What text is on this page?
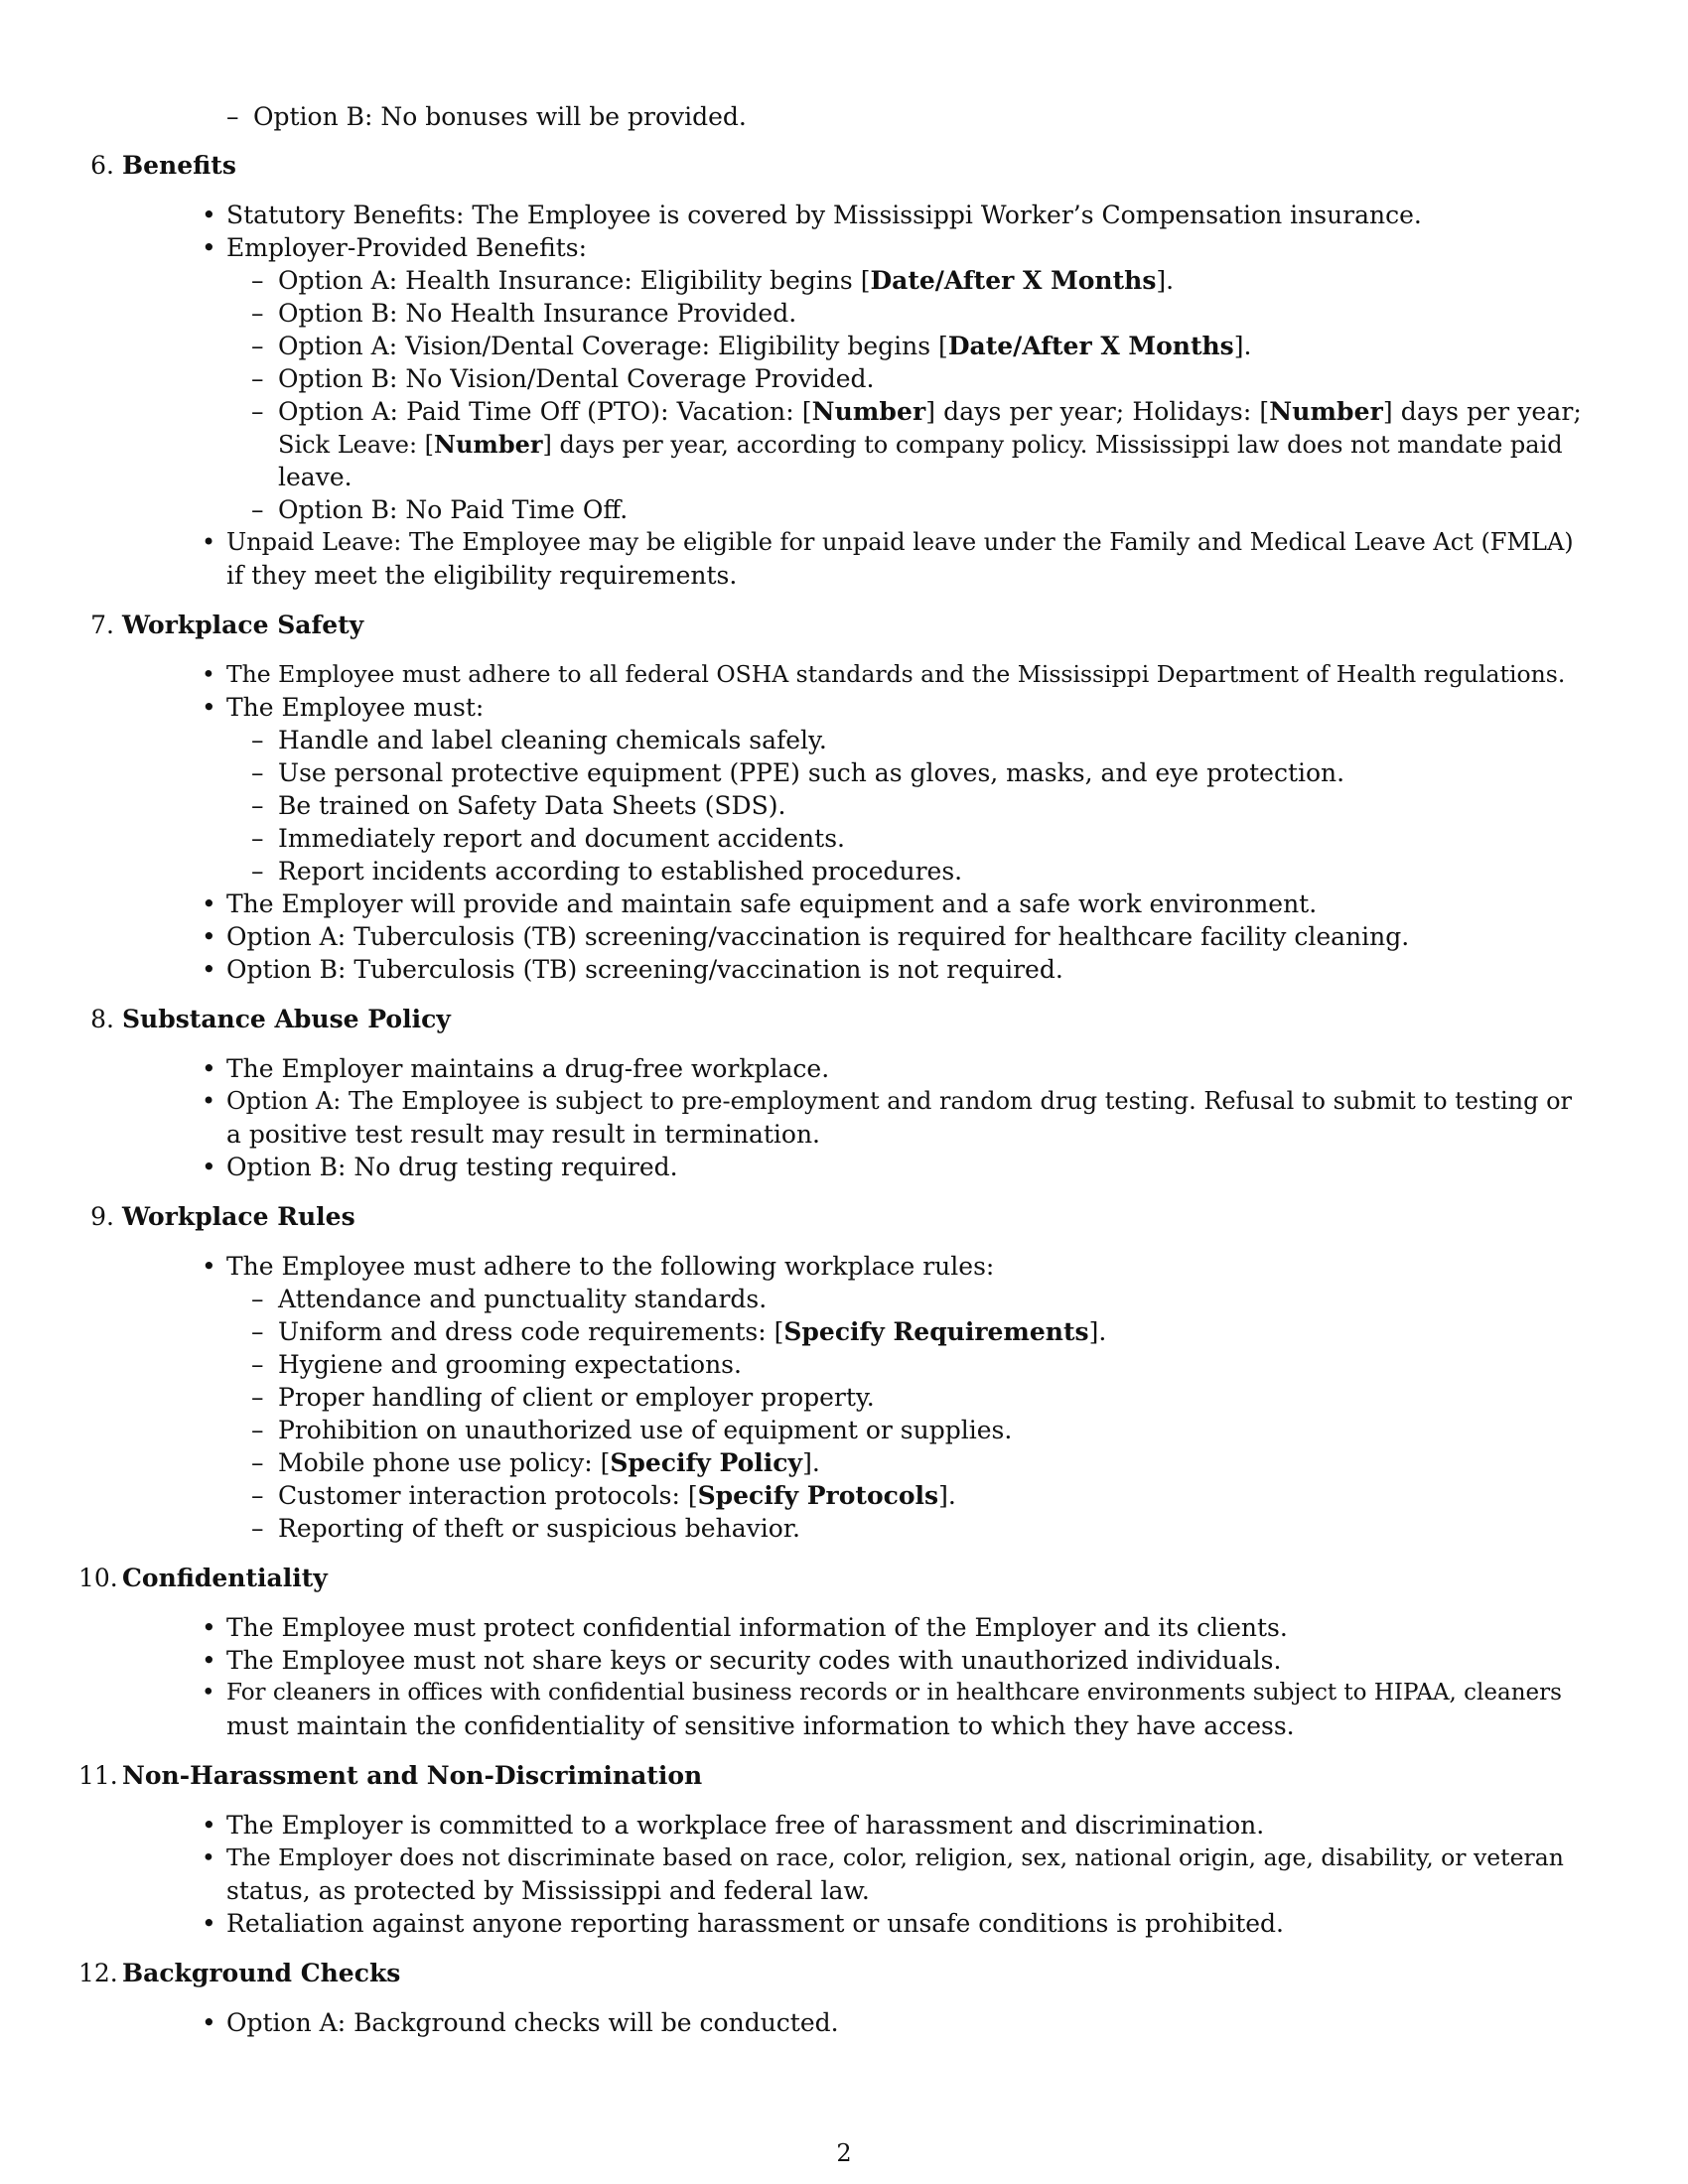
– Option B: No bonuses will be provided.
6. Benefits
• Statutory Benefits: The Employee is covered by Mississippi Worker’s Compensation insurance.
• Employer-Provided Benefits:
– Option A: Health Insurance: Eligibility begins [Date/After X Months].
– Option B: No Health Insurance Provided.
– Option A: Vision/Dental Coverage: Eligibility begins [Date/After X Months].
– Option B: No Vision/Dental Coverage Provided.
– Option A: Paid Time Off (PTO): Vacation: [Number] days per year; Holidays: [Number] days per year;
Sick Leave: [Number] days per year, according to company policy. Mississippi law does not mandate paid
leave.
– Option B: No Paid Time Off.
• Unpaid Leave: The Employee may be eligible for unpaid leave under the Family and Medical Leave Act (FMLA)
if they meet the eligibility requirements.
7. Workplace Safety
• The Employee must adhere to all federal OSHA standards and the Mississippi Department of Health regulations.
• The Employee must:
– Handle and label cleaning chemicals safely.
– Use personal protective equipment (PPE) such as gloves, masks, and eye protection.
– Be trained on Safety Data Sheets (SDS).
– Immediately report and document accidents.
– Report incidents according to established procedures.
• The Employer will provide and maintain safe equipment and a safe work environment.
• Option A: Tuberculosis (TB) screening/vaccination is required for healthcare facility cleaning.
• Option B: Tuberculosis (TB) screening/vaccination is not required.
8. Substance Abuse Policy
• The Employer maintains a drug-free workplace.
• Option A: The Employee is subject to pre-employment and random drug testing. Refusal to submit to testing or
a positive test result may result in termination.
• Option B: No drug testing required.
9. Workplace Rules
• The Employee must adhere to the following workplace rules:
– Attendance and punctuality standards.
– Uniform and dress code requirements: [Specify Requirements].
– Hygiene and grooming expectations.
– Proper handling of client or employer property.
– Prohibition on unauthorized use of equipment or supplies.
– Mobile phone use policy: [Specify Policy].
– Customer interaction protocols: [Specify Protocols].
– Reporting of theft or suspicious behavior.
10. Confidentiality
• The Employee must protect confidential information of the Employer and its clients.
• The Employee must not share keys or security codes with unauthorized individuals.
• For cleaners in offices with confidential business records or in healthcare environments subject to HIPAA, cleaners
must maintain the confidentiality of sensitive information to which they have access.
11. Non-Harassment and Non-Discrimination
• The Employer is committed to a workplace free of harassment and discrimination.
• The Employer does not discriminate based on race, color, religion, sex, national origin, age, disability, or veteran
status, as protected by Mississippi and federal law.
• Retaliation against anyone reporting harassment or unsafe conditions is prohibited.
12. Background Checks
• Option A: Background checks will be conducted.
2
